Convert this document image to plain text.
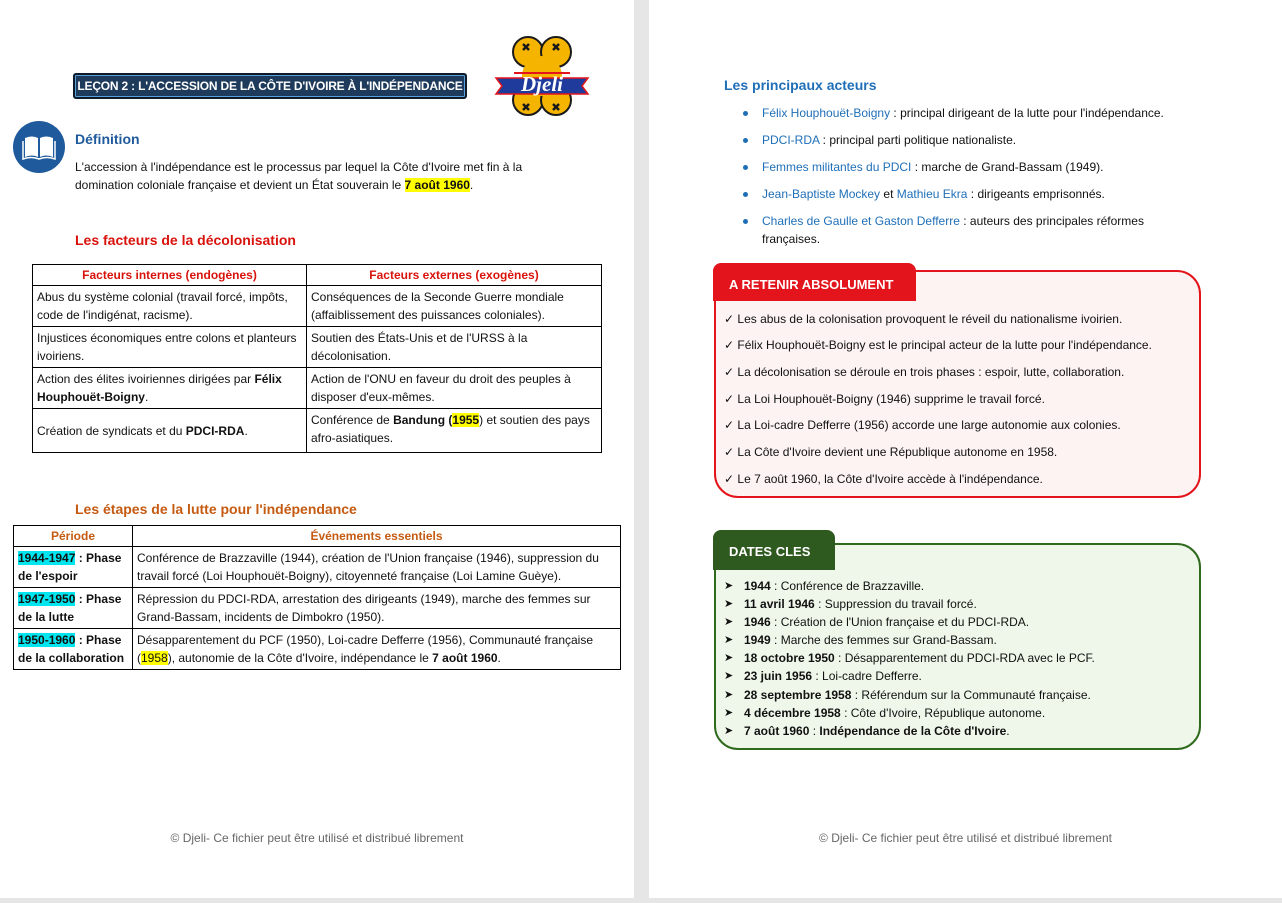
LEÇON 2 : L'ACCESSION DE LA CÔTE D'IVOIRE À L'INDÉPENDANCE	Djeli
Définition
L'accession à l'indépendance est le processus par lequel la Côte d'Ivoire met fin à la domination coloniale française et devient un État souverain le 7 août 1960.
Les facteurs de la décolonisation
Facteurs internes (endogènes)	Facteurs externes (exogènes)
Abus du système colonial (travail forcé, impôts, code de l'indigénat, racisme).	Conséquences de la Seconde Guerre mondiale (affaiblissement des puissances coloniales).
Injustices économiques entre colons et planteurs ivoiriens.	Soutien des États-Unis et de l'URSS à la décolonisation.
Action des élites ivoiriennes dirigées par Félix Houphouët-Boigny.	Action de l'ONU en faveur du droit des peuples à disposer d'eux-mêmes.
Création de syndicats et du PDCI-RDA.	Conférence de Bandung (1955) et soutien des pays afro-asiatiques.
Les étapes de la lutte pour l'indépendance
Période	Événements essentiels
1944-1947 : Phase de l'espoir	Conférence de Brazzaville (1944), création de l'Union française (1946), suppression du travail forcé (Loi Houphouët-Boigny), citoyenneté française (Loi Lamine Guèye).
1947-1950 : Phase de la lutte	Répression du PDCI-RDA, arrestation des dirigeants (1949), marche des femmes sur Grand-Bassam, incidents de Dimbokro (1950).
1950-1960 : Phase de la collaboration	Désapparentement du PCF (1950), Loi-cadre Defferre (1956), Communauté française (1958), autonomie de la Côte d'Ivoire, indépendance le 7 août 1960.
© Djeli- Ce fichier peut être utilisé et distribué librement
Les principaux acteurs
Félix Houphouët-Boigny : principal dirigeant de la lutte pour l'indépendance.
PDCI-RDA : principal parti politique nationaliste.
Femmes militantes du PDCI : marche de Grand-Bassam (1949).
Jean-Baptiste Mockey et Mathieu Ekra : dirigeants emprisonnés.
Charles de Gaulle et Gaston Defferre : auteurs des principales réformes françaises.
A RETENIR ABSOLUMENT
✓ Les abus de la colonisation provoquent le réveil du nationalisme ivoirien.
✓ Félix Houphouët-Boigny est le principal acteur de la lutte pour l'indépendance.
✓ La décolonisation se déroule en trois phases : espoir, lutte, collaboration.
✓ La Loi Houphouët-Boigny (1946) supprime le travail forcé.
✓ La Loi-cadre Defferre (1956) accorde une large autonomie aux colonies.
✓ La Côte d'Ivoire devient une République autonome en 1958.
✓ Le 7 août 1960, la Côte d'Ivoire accède à l'indépendance.
DATES CLES
➤ 1944 : Conférence de Brazzaville.
➤ 11 avril 1946 : Suppression du travail forcé.
➤ 1946 : Création de l'Union française et du PDCI-RDA.
➤ 1949 : Marche des femmes sur Grand-Bassam.
➤ 18 octobre 1950 : Désapparentement du PDCI-RDA avec le PCF.
➤ 23 juin 1956 : Loi-cadre Defferre.
➤ 28 septembre 1958 : Référendum sur la Communauté française.
➤ 4 décembre 1958 : Côte d'Ivoire, République autonome.
➤ 7 août 1960 : Indépendance de la Côte d'Ivoire.
© Djeli- Ce fichier peut être utilisé et distribué librement
